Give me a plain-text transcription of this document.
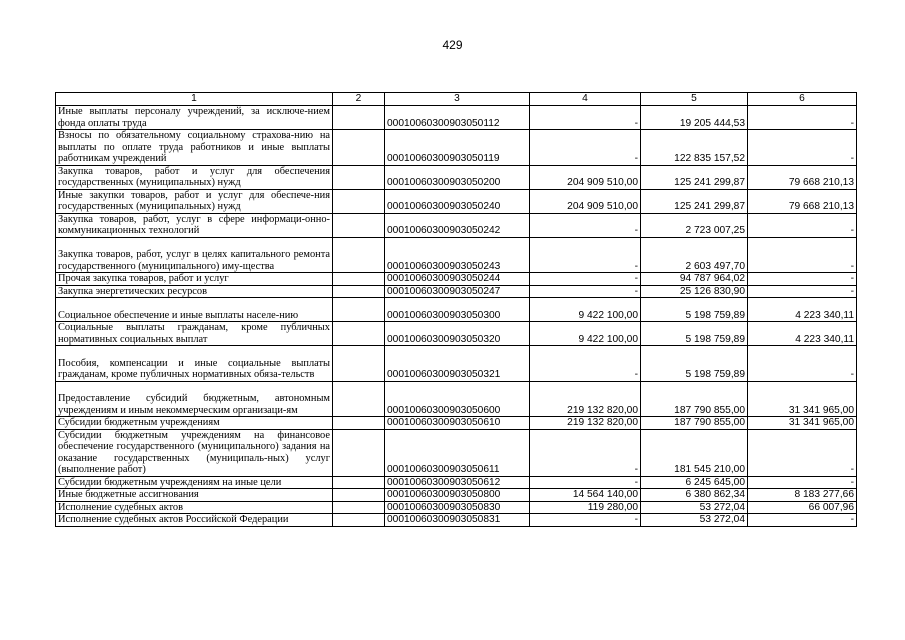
429
1	2	3	4	5	6
Иные выплаты персоналу учреждений, за исключе-нием фонда оплаты труда		00010060300903050112	-	19 205 444,53	-
Взносы по обязательному социальному страхова-нию на выплаты по оплате труда работников и иные выплаты работникам учреждений		00010060300903050119	-	122 835 157,52	-
Закупка товаров, работ и услуг для обеспечения государственных (муниципальных) нужд		00010060300903050200	204 909 510,00	125 241 299,87	79 668 210,13
Иные закупки товаров, работ и услуг для обеспече-ния государственных (муниципальных) нужд		00010060300903050240	204 909 510,00	125 241 299,87	79 668 210,13
Закупка товаров, работ, услуг в сфере информаци-онно-коммуникационных технологий		00010060300903050242	-	2 723 007,25	-
Закупка товаров, работ, услуг в целях капитального ремонта государственного (муниципального) иму-щества		00010060300903050243	-	2 603 497,70	-
Прочая закупка товаров, работ и услуг		00010060300903050244	-	94 787 964,02	-
Закупка энергетических ресурсов		00010060300903050247	-	25 126 830,90	-
Социальное обеспечение и иные выплаты населе-нию		00010060300903050300	9 422 100,00	5 198 759,89	4 223 340,11
Социальные выплаты гражданам, кроме публичных нормативных социальных выплат		00010060300903050320	9 422 100,00	5 198 759,89	4 223 340,11
Пособия, компенсации и иные социальные выплаты гражданам, кроме публичных нормативных обяза-тельств		00010060300903050321	-	5 198 759,89	-
Предоставление субсидий бюджетным, автономным учреждениям и иным некоммерческим организаци-ям		00010060300903050600	219 132 820,00	187 790 855,00	31 341 965,00
Субсидии бюджетным учреждениям		00010060300903050610	219 132 820,00	187 790 855,00	31 341 965,00
Субсидии бюджетным учреждениям на финансовое обеспечение государственного (муниципального) задания на оказание государственных (муниципаль-ных) услуг (выполнение работ)		00010060300903050611	-	181 545 210,00	-
Субсидии бюджетным учреждениям на иные цели		00010060300903050612	-	6 245 645,00	-
Иные бюджетные ассигнования		00010060300903050800	14 564 140,00	6 380 862,34	8 183 277,66
Исполнение судебных актов		00010060300903050830	119 280,00	53 272,04	66 007,96
Исполнение судебных актов Российской Федерации		00010060300903050831	-	53 272,04	-
